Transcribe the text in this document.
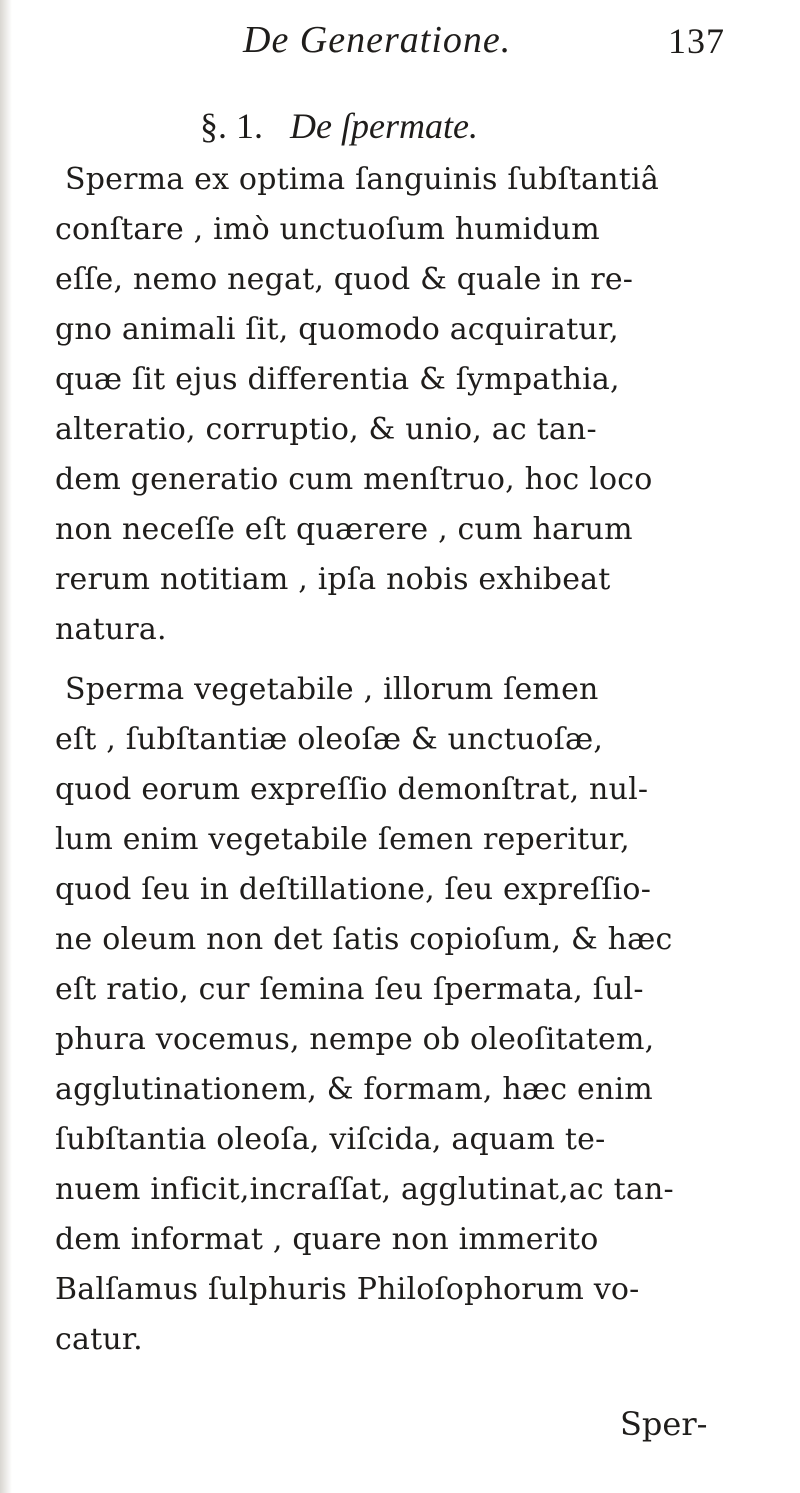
De Generatione.	137
§. 1. De ſpermate.
Sperma ex optima ſanguinis ſubſtantiâ
conſtare , imò unctuoſum humidum
eſſe, nemo negat, quod & quale in re-
gno animali ſit, quomodo acquiratur,
quæ ſit ejus differentia & ſympathia,
alteratio, corruptio, & unio, ac tan-
dem generatio cum menſtruo, hoc loco
non neceſſe eſt quærere , cum harum
rerum notitiam , ipſa nobis exhibeat
natura.
Sperma vegetabile , illorum ſemen
eſt , ſubſtantiæ oleoſæ & unctuoſæ,
quod eorum expreſſio demonſtrat, nul-
lum enim vegetabile ſemen reperitur,
quod ſeu in deſtillatione, ſeu expreſſio-
ne oleum non det ſatis copioſum, & hæc
eſt ratio, cur ſemina ſeu ſpermata, ſul-
phura vocemus, nempe ob oleoſitatem,
agglutinationem, & formam, hæc enim
ſubſtantia oleoſa, viſcida, aquam te-
nuem inficit,incraſſat, agglutinat,ac tan-
dem informat , quare non immerito
Balſamus ſulphuris Philoſophorum vo-
catur.
Sper-
